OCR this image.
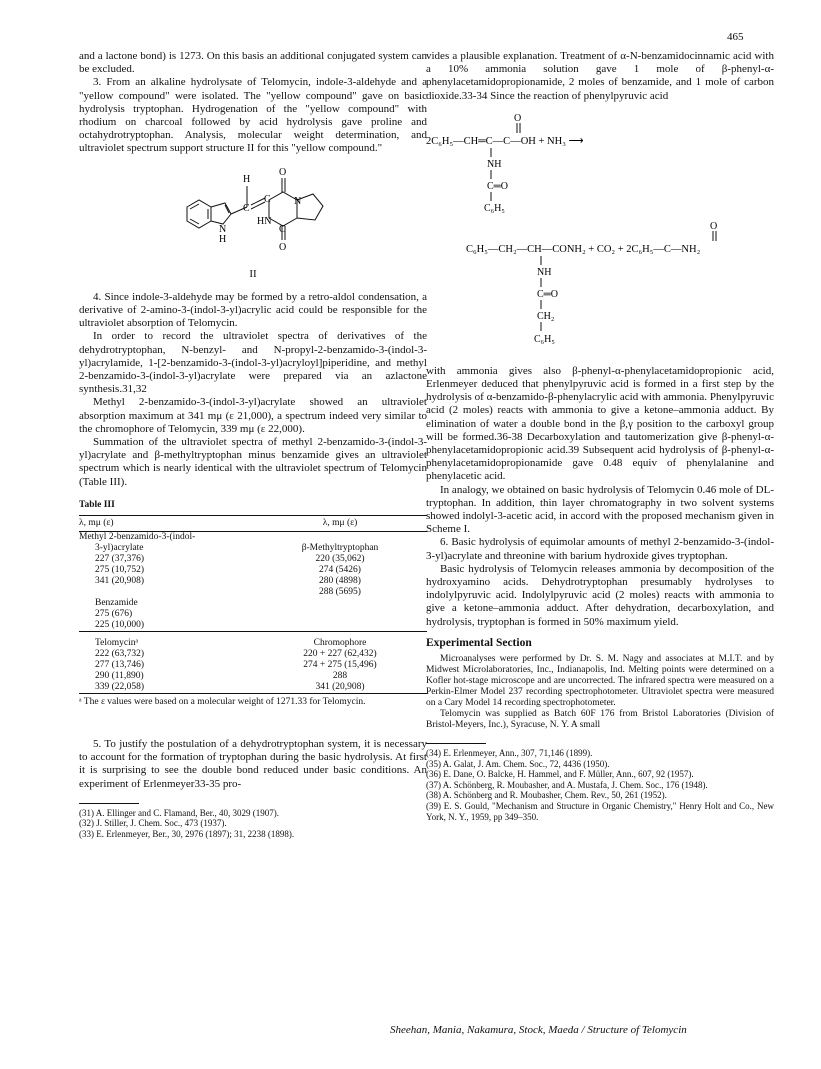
465

and a lactone bond) is 1273. On this basis an additional conjugated system can be excluded.

3. From an alkaline hydrolysate of Telomycin, indole-3-aldehyde and a "yellow compound" were isolated. The "yellow compound" gave on basic hydrolysis tryptophan. Hydrogenation of the "yellow compound" with rhodium on charcoal followed by acid hydrolysis gave proline and octahydrotryptophan. Analysis, molecular weight determination, and ultraviolet spectrum support structure II for this "yellow compound."

H
O
C
C N
HN
C
O
N
H
II

4. Since indole-3-aldehyde may be formed by a retro-aldol condensation, a derivative of 2-amino-3-(indol-3-yl)acrylic acid could be responsible for the ultraviolet absorption of Telomycin.

In order to record the ultraviolet spectra of derivatives of the dehydrotryptophan, N-benzyl- and N-propyl-2-benzamido-3-(indol-3-yl)acrylamide, 1-[2-benzamido-3-(indol-3-yl)acryloyl]piperidine, and methyl 2-benzamido-3-(indol-3-yl)acrylate were prepared via an azlactone synthesis.31,32

Methyl 2-benzamido-3-(indol-3-yl)acrylate showed an ultraviolet absorption maximum at 341 mμ (ε 21,000), a spectrum indeed very similar to the chromophore of Telomycin, 339 mμ (ε 22,000).

Summation of the ultraviolet spectra of methyl 2-benzamido-3-(indol-3-yl)acrylate and β-methyltryptophan minus benzamide gives an ultraviolet spectrum which is nearly identical with the ultraviolet spectrum of Telomycin (Table III).

Table III
λ, mμ (ε)	λ, mμ (ε)
Methyl 2-benzamido-3-(indol-	
3-yl)acrylate	β-Methyltryptophan
227 (37,376)	220 (35,062)
275 (10,752)	274 (5426)
341 (20,908)	280 (4898)
	288 (5695)
Benzamide	
275 (676)	
225 (10,000)	
Telomycinᵃ	Chromophore
222 (63,732)	220 + 227 (62,432)
277 (13,746)	274 + 275 (15,496)
290 (11,890)	288
339 (22,058)	341 (20,908)
ᵃ The ε values were based on a molecular weight of 1271.33 for Telomycin.

5. To justify the postulation of a dehydrotryptophan system, it is necessary to account for the formation of tryptophan during the basic hydrolysis. At first it is surprising to see the double bond reduced under basic conditions. An experiment of Erlenmeyer33-35 pro-

(31) A. Ellinger and C. Flamand, Ber., 40, 3029 (1907).
(32) J. Stiller, J. Chem. Soc., 473 (1937).
(33) E. Erlenmeyer, Ber., 30, 2976 (1897); 31, 2238 (1898).

vides a plausible explanation. Treatment of α-N-benzamidocinnamic acid with a 10% ammonia solution gave 1 mole of β-phenyl-α-phenylacetamidopropionamide, 2 moles of benzamide, and 1 mole of carbon dioxide.33-34 Since the reaction of phenylpyruvic acid

O
2C₆H₅—CH═C—C—OH + NH₃ ⟶
NH
C═O
C₆H₅
O
C₆H₅—CH₂—CH—CONH₂ + CO₂ + 2C₆H₅—C—NH₂
NH
C═O
CH₂
C₆H₅

with ammonia gives also β-phenyl-α-phenylacetamidopropionic acid, Erlenmeyer deduced that phenylpyruvic acid is formed in a first step by the hydrolysis of α-benzamido-β-phenylacrylic acid with ammonia. Phenylpyruvic acid (2 moles) reacts with ammonia to give a ketone–ammonia adduct. By elimination of water a double bond in the β,γ position to the carboxyl group will be formed.36-38 Decarboxylation and tautomerization give β-phenyl-α-phenylacetamidopropionic acid.39 Subsequent acid hydrolysis of β-phenyl-α-phenylacetamidopropionamide gave 0.48 equiv of phenylalanine and phenylacetic acid.

In analogy, we obtained on basic hydrolysis of Telomycin 0.46 mole of DL-tryptophan. In addition, thin layer chromatography in two solvent systems showed indolyl-3-acetic acid, in accord with the proposed mechanism given in Scheme I.

6. Basic hydrolysis of equimolar amounts of methyl 2-benzamido-3-(indol-3-yl)acrylate and threonine with barium hydroxide gives tryptophan.

Basic hydrolysis of Telomycin releases ammonia by decomposition of the hydroxyamino acids. Dehydrotryptophan presumably hydrolyses to indolylpyruvic acid. Indolylpyruvic acid (2 moles) reacts with ammonia to give a ketone–ammonia adduct. After dehydration, decarboxylation, and hydrolysis, tryptophan is formed in 50% maximum yield.

Experimental Section

Microanalyses were performed by Dr. S. M. Nagy and associates at M.I.T. and by Midwest Microlaboratories, Inc., Indianapolis, Ind. Melting points were determined on a Kofler hot-stage microscope and are uncorrected. The infrared spectra were measured on a Perkin-Elmer Model 237 recording spectrophotometer. Ultraviolet spectra were measured on a Cary Model 14 recording spectrophotometer.

Telomycin was supplied as Batch 60F 176 from Bristol Laboratories (Division of Bristol-Meyers, Inc.), Syracuse, N. Y. A small

(34) E. Erlenmeyer, Ann., 307, 71,146 (1899).
(35) A. Galat, J. Am. Chem. Soc., 72, 4436 (1950).
(36) E. Dane, O. Balcke, H. Hammel, and F. Müller, Ann., 607, 92 (1957).
(37) A. Schönberg, R. Moubasher, and A. Mustafa, J. Chem. Soc., 176 (1948).
(38) A. Schönberg and R. Moubasher, Chem. Rev., 50, 261 (1952).
(39) E. S. Gould, "Mechanism and Structure in Organic Chemistry," Henry Holt and Co., New York, N. Y., 1959, pp 349–350.
Sheehan, Mania, Nakamura, Stock, Maeda / Structure of Telomycin
